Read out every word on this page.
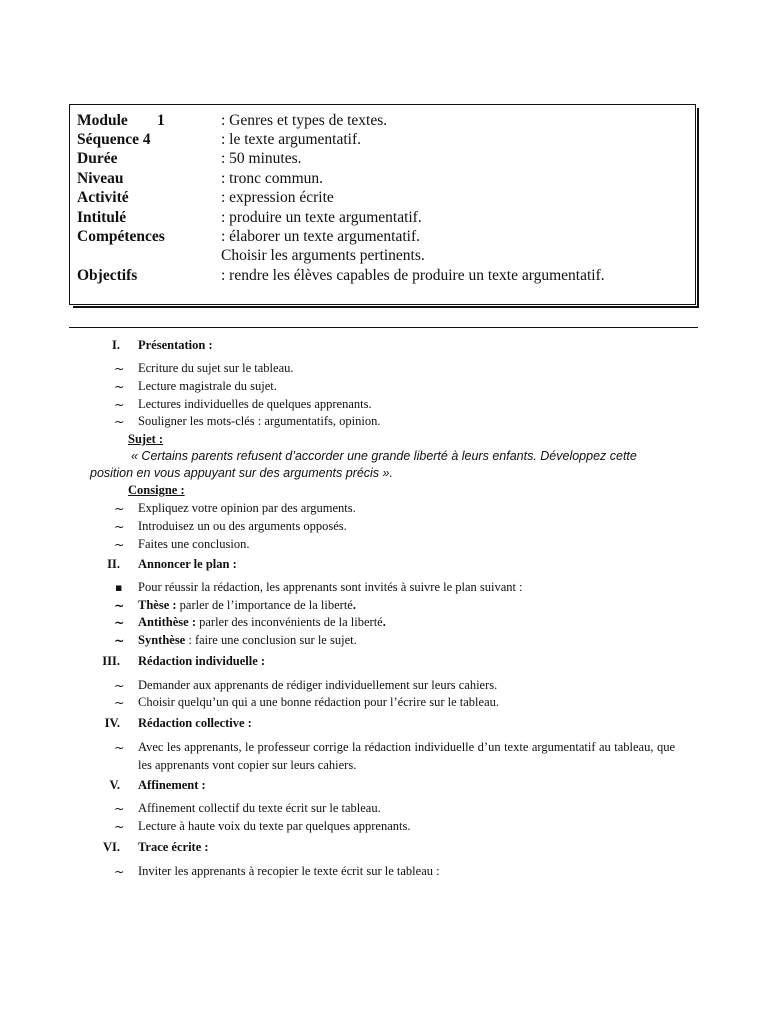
Module 1	: Genres et types de textes.
Séquence 4	: le texte argumentatif.
Durée	: 50 minutes.
Niveau	: tronc commun.
Activité	: expression écrite
Intitulé	: produire un texte argumentatif.
Compétences	: élaborer un texte argumentatif.
Choisir les arguments pertinents.
Objectifs	: rendre les élèves capables de produire un texte argumentatif.
I. Présentation :
~ Ecriture du sujet sur le tableau.
~ Lecture magistrale du sujet.
~ Lectures individuelles de quelques apprenants.
~ Souligner les mots-clés : argumentatifs, opinion.
Sujet :
« Certains parents refusent d’accorder une grande liberté à leurs enfants. Développez cette position en vous appuyant sur des arguments précis ».
Consigne :
~ Expliquez votre opinion par des arguments.
~ Introduisez un ou des arguments opposés.
~ Faites une conclusion.
II. Annoncer le plan :
▪ Pour réussir la rédaction, les apprenants sont invités à suivre le plan suivant :
~ Thèse : parler de l’importance de la liberté.
~ Antithèse : parler des inconvénients de la liberté.
~ Synthèse : faire une conclusion sur le sujet.
III. Rédaction individuelle :
~ Demander aux apprenants de rédiger individuellement sur leurs cahiers.
~ Choisir quelqu’un qui a une bonne rédaction pour l’écrire sur le tableau.
IV. Rédaction collective :
~ Avec les apprenants, le professeur corrige la rédaction individuelle d’un texte argumentatif au tableau, que les apprenants vont copier sur leurs cahiers.
V. Affinement :
~ Affinement collectif du texte écrit sur le tableau.
~ Lecture à haute voix du texte par quelques apprenants.
VI. Trace écrite :
~ Inviter les apprenants à recopier le texte écrit sur le tableau :
